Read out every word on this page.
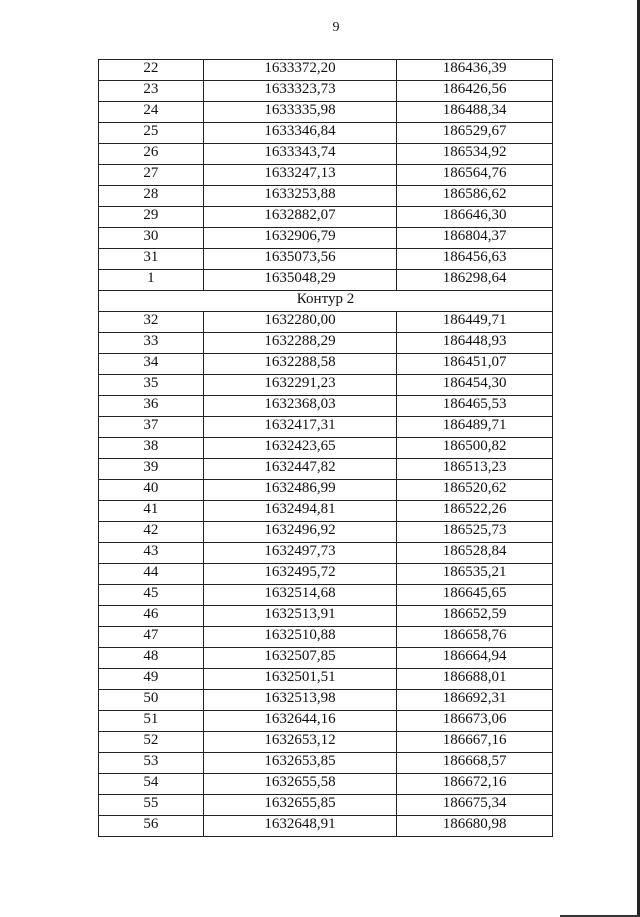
9
22	1633372,20	186436,39
23	1633323,73	186426,56
24	1633335,98	186488,34
25	1633346,84	186529,67
26	1633343,74	186534,92
27	1633247,13	186564,76
28	1633253,88	186586,62
29	1632882,07	186646,30
30	1632906,79	186804,37
31	1635073,56	186456,63
1	1635048,29	186298,64
Контур 2		
32	1632280,00	186449,71
33	1632288,29	186448,93
34	1632288,58	186451,07
35	1632291,23	186454,30
36	1632368,03	186465,53
37	1632417,31	186489,71
38	1632423,65	186500,82
39	1632447,82	186513,23
40	1632486,99	186520,62
41	1632494,81	186522,26
42	1632496,92	186525,73
43	1632497,73	186528,84
44	1632495,72	186535,21
45	1632514,68	186645,65
46	1632513,91	186652,59
47	1632510,88	186658,76
48	1632507,85	186664,94
49	1632501,51	186688,01
50	1632513,98	186692,31
51	1632644,16	186673,06
52	1632653,12	186667,16
53	1632653,85	186668,57
54	1632655,58	186672,16
55	1632655,85	186675,34
56	1632648,91	186680,98
